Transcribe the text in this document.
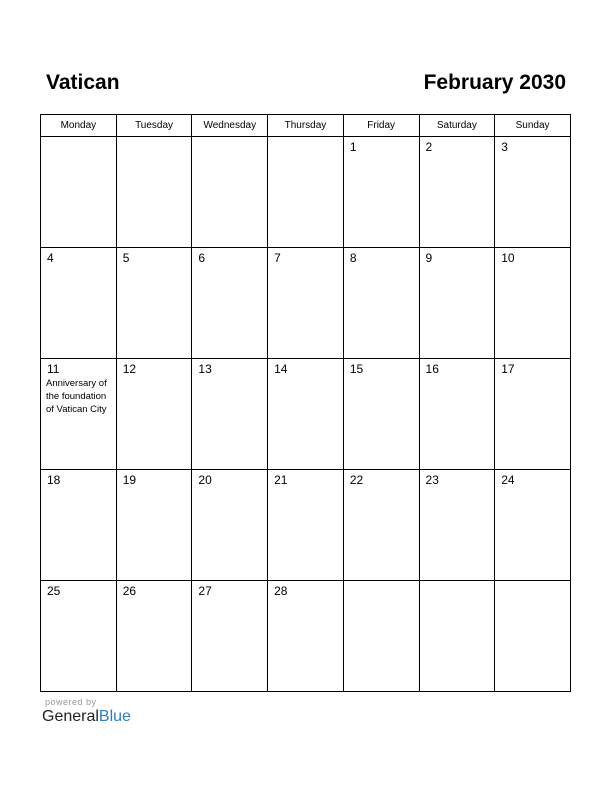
Vatican	February 2030
Monday	Tuesday	Wednesday	Thursday	Friday	Saturday	Sunday

				1	2	3

4	5	6	7	8	9	10

11
Anniversary of
the foundation
of Vatican City	12	13	14	15	16	17

18	19	20	21	22	23	24

25	26	27	28			

powered by
GeneralBlue
